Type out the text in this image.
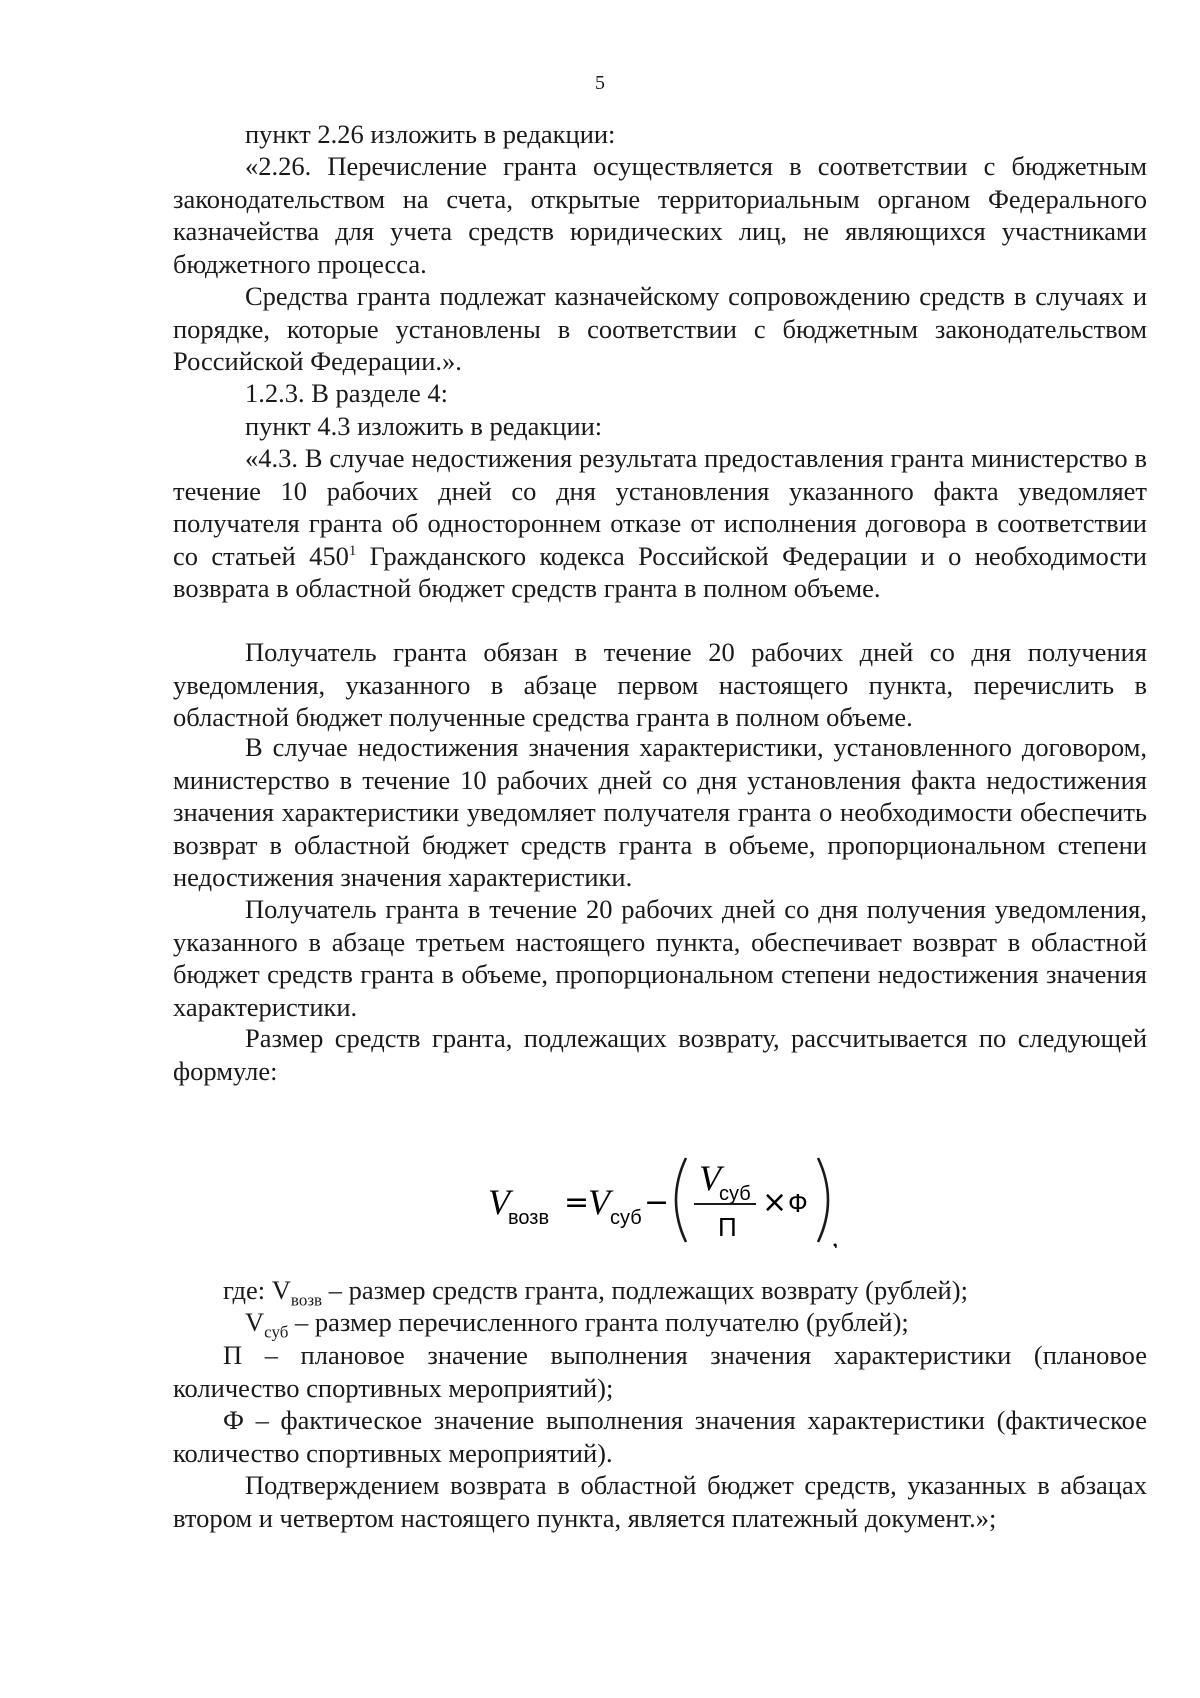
5

пункт 2.26 изложить в редакции:

«2.26. Перечисление гранта осуществляется в соответствии с бюджетным законодательством на счета, открытые территориальным органом Федерального казначейства для учета средств юридических лиц, не являющихся участниками бюджетного процесса.

Средства гранта подлежат казначейскому сопровождению средств в случаях и порядке, которые установлены в соответствии с бюджетным законодательством Российской Федерации.».

1.2.3. В разделе 4:

пункт 4.3 изложить в редакции:

«4.3. В случае недостижения результата предоставления гранта министерство в течение 10 рабочих дней со дня установления указанного факта уведомляет получателя гранта об одностороннем отказе от исполнения договора в соответствии со статьей $450^1$ Гражданского кодекса Российской Федерации и о необходимости возврата в областной бюджет средств гранта в полном объеме.

Получатель гранта обязан в течение 20 рабочих дней со дня получения уведомления, указанного в абзаце первом настоящего пункта, перечислить в областной бюджет полученные средства гранта в полном объеме.

В случае недостижения значения характеристики, установленного договором, министерство в течение 10 рабочих дней со дня установления факта недостижения значения характеристики уведомляет получателя гранта о необходимости обеспечить возврат в областной бюджет средств гранта в объеме, пропорциональном степени недостижения значения характеристики.

Получатель гранта в течение 20 рабочих дней со дня получения уведомления, указанного в абзаце третьем настоящего пункта, обеспечивает возврат в областной бюджет средств гранта в объеме, пропорциональном степени недостижения значения характеристики.

Размер средств гранта, подлежащих возврату, рассчитывается по следующей формуле:

V
возв =
V суб −
V
суб
П
× Ф
,

где: $V_{возв}$ – размер средств гранта, подлежащих возврату (рублей);

$V_{суб}$ – размер перечисленного гранта получателю (рублей);

П – плановое значение выполнения значения характеристики (плановое количество спортивных мероприятий);

Ф – фактическое значение выполнения значения характеристики (фактическое количество спортивных мероприятий).

Подтверждением возврата в областной бюджет средств, указанных в абзацах втором и четвертом настоящего пункта, является платежный документ.»;
